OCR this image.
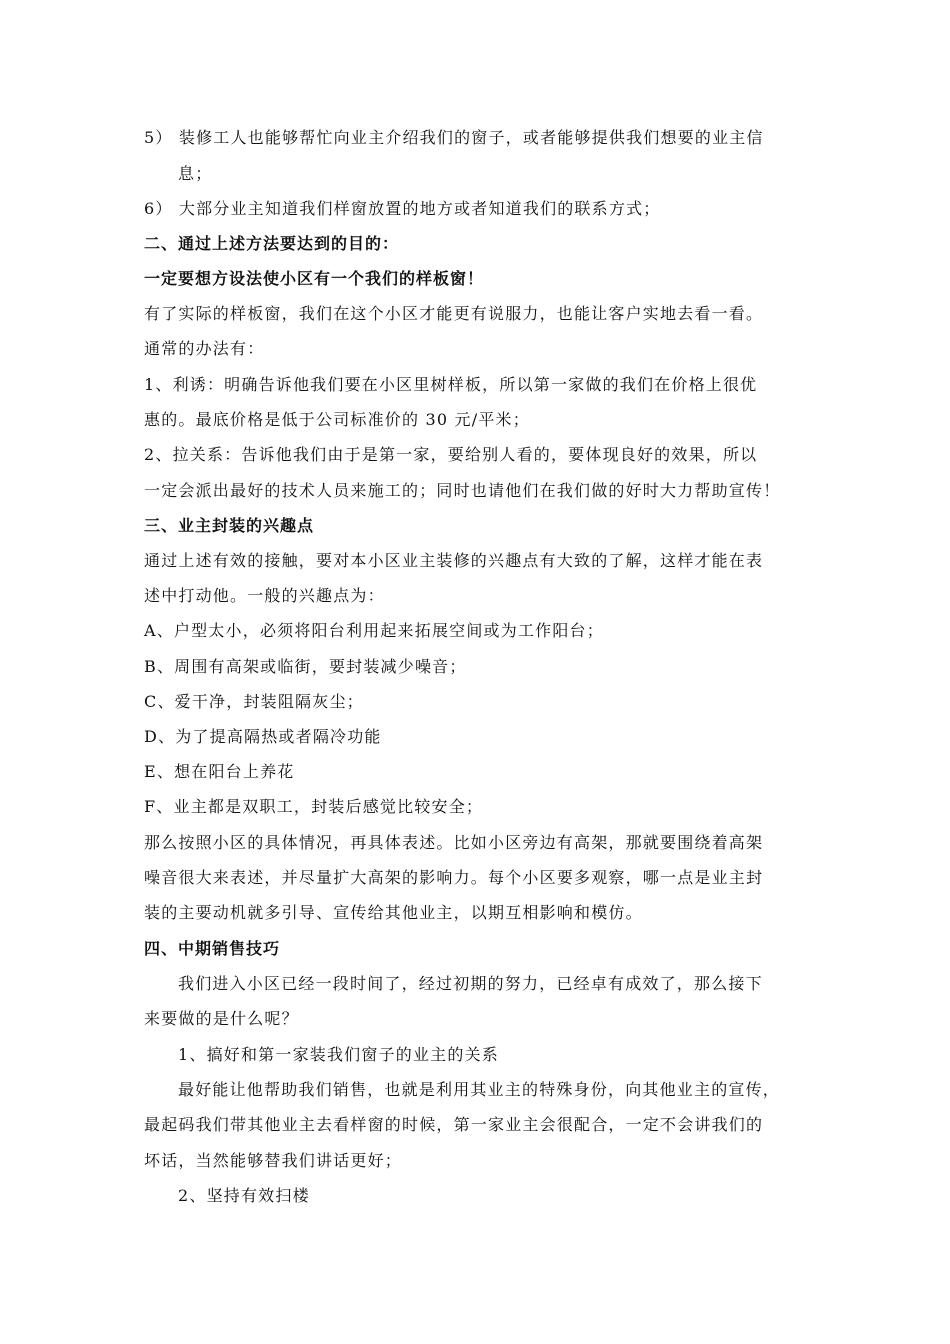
5） 装修工人也能够帮忙向业主介绍我们的窗子，或者能够提供我们想要的业主信
息；
6） 大部分业主知道我们样窗放置的地方或者知道我们的联系方式；
二、通过上述方法要达到的目的：
一定要想方设法使小区有一个我们的样板窗！
有了实际的样板窗，我们在这个小区才能更有说服力，也能让客户实地去看一看。
通常的办法有：
1、利诱：明确告诉他我们要在小区里树样板，所以第一家做的我们在价格上很优
惠的。最底价格是低于公司标准价的 30 元/平米；
2、拉关系：告诉他我们由于是第一家，要给别人看的，要体现良好的效果，所以
一定会派出最好的技术人员来施工的；同时也请他们在我们做的好时大力帮助宣传！
三、业主封装的兴趣点
通过上述有效的接触，要对本小区业主装修的兴趣点有大致的了解，这样才能在表
述中打动他。一般的兴趣点为：
A、户型太小，必须将阳台利用起来拓展空间或为工作阳台；
B、周围有高架或临街，要封装减少噪音；
C、爱干净，封装阻隔灰尘；
D、为了提高隔热或者隔冷功能
E、想在阳台上养花
F、业主都是双职工，封装后感觉比较安全；
那么按照小区的具体情况，再具体表述。比如小区旁边有高架，那就要围绕着高架
噪音很大来表述，并尽量扩大高架的影响力。每个小区要多观察，哪一点是业主封
装的主要动机就多引导、宣传给其他业主，以期互相影响和模仿。
四、中期销售技巧
我们进入小区已经一段时间了，经过初期的努力，已经卓有成效了，那么接下
来要做的是什么呢？
1、搞好和第一家装我们窗子的业主的关系
最好能让他帮助我们销售，也就是利用其业主的特殊身份，向其他业主的宣传，
最起码我们带其他业主去看样窗的时候，第一家业主会很配合，一定不会讲我们的
坏话，当然能够替我们讲话更好；
2、坚持有效扫楼
